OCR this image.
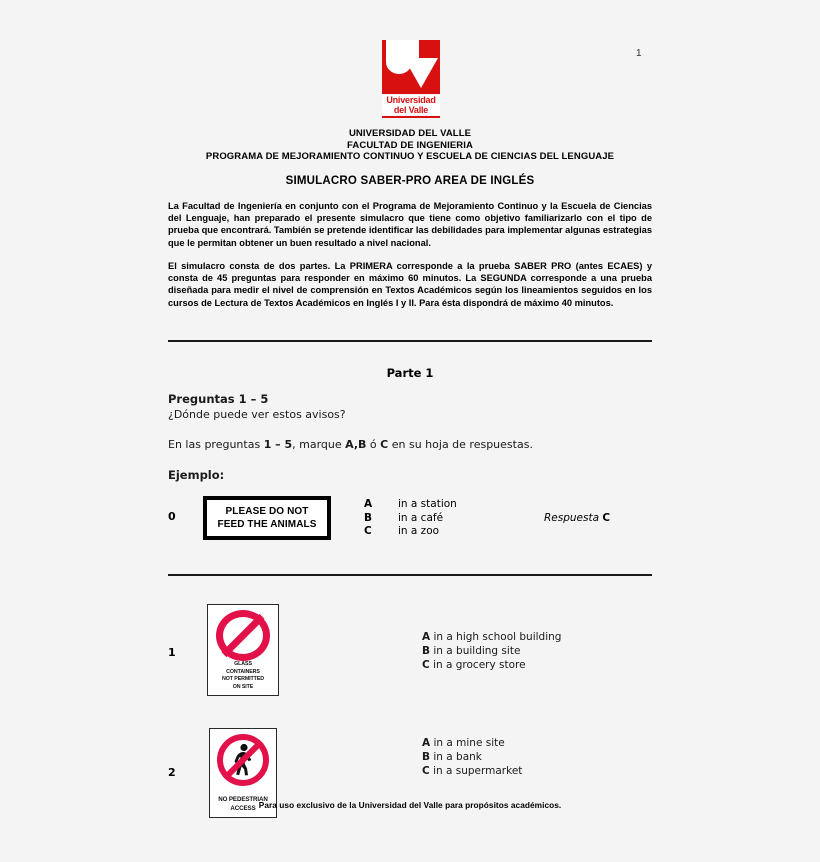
1
Universidad
del Valle
UNIVERSIDAD DEL VALLE
FACULTAD DE INGENIERIA
PROGRAMA DE MEJORAMIENTO CONTINUO Y ESCUELA DE CIENCIAS DEL LENGUAJE
SIMULACRO SABER-PRO AREA DE INGLÉS
La Facultad de Ingeniería en conjunto con el Programa de Mejoramiento Continuo y la Escuela de Ciencias del Lenguaje, han preparado el presente simulacro que tiene como objetivo familiarizarlo con el tipo de prueba que encontrará. También se pretende identificar las debilidades para implementar algunas estrategias que le permitan obtener un buen resultado a nivel nacional.
El simulacro consta de dos partes. La PRIMERA corresponde a la prueba SABER PRO (antes ECAES) y consta de 45 preguntas para responder en máximo 60 minutos. La SEGUNDA corresponde a una prueba diseñada para medir el nivel de comprensión en Textos Académicos según los lineamientos seguidos en los cursos de Lectura de Textos Académicos en Inglés I y II. Para ésta dispondrá de máximo 40 minutos.
Parte 1
Preguntas 1 – 5
¿Dónde puede ver estos avisos?
En las preguntas 1 – 5, marque A,B ó C en su hoja de respuestas.
Ejemplo:
0	PLEASE DO NOT
FEED THE ANIMALS
A in a station
B in a café
C	in a zoo
Respuesta C
1
GLASS
CONTAINERS
NOT PERMITTED
ON SITE
A in a high school building
B in a building site
C in a grocery store
2
NO PEDESTRIAN
ACCESS
A in a mine site
B in a bank
C in a supermarket
Para uso exclusivo de la Universidad del Valle para propósitos académicos.
